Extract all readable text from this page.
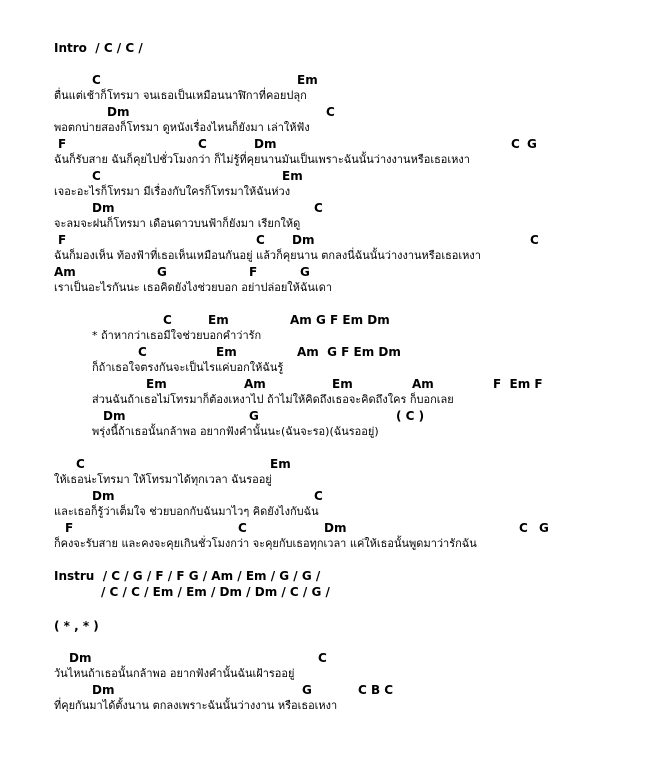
Intro  / C / C /
C	Em
ตื่นแต่เช้าก็โทรมา จนเธอเป็นเหมือนนาฬิกาที่คอยปลุก
Dm	C
พอตกบ่ายสองก็โทรมา ดูหนังเรื่องไหนก็ยังมา เล่าให้ฟัง
F	C	Dm	C G
ฉันก็รับสาย ฉันก็คุยไปชั่วโมงกว่า ก็ไม่รู้ที่คุยนานมันเป็นเพราะฉันนั้นว่างงานหรือเธอเหงา
C	Em
เจอะอะไรก็โทรมา มีเรื่องกับใครก็โทรมาให้ฉันห่วง
Dm	C
จะลมจะฝนก็โทรมา เดือนดาวบนฟ้าก็ยังมา เรียกให้ดู
F	C Dm	C
ฉันก็มองเห็น ท้องฟ้าที่เธอเห็นเหมือนกันอยู่ แล้วก็คุยนาน ตกลงนี่ฉันนั้นว่างงานหรือเธอเหงา
Am	G	F	G
เราเป็นอะไรกันนะ เธอคิดยังไงช่วยบอก อย่าปล่อยให้ฉันเดา
C	Em	Am G F Em Dm
* ถ้าหากว่าเธอมีใจช่วยบอกคำว่ารัก
C	Em	Am  G F Em Dm
ก็ถ้าเธอใจตรงกันจะเป็นไรแค่บอกให้ฉันรู้
Em	Am	Em	Am	F  Em F
ส่วนฉันถ้าเธอไม่โทรมาก็ต้องเหงาไป ถ้าไม่ให้คิดถึงเธอจะคิดถึงใคร ก็บอกเลย
Dm	G	( C )
พรุ่งนี้ถ้าเธอนั้นกล้าพอ อยากฟังคำนั้นนะ(ฉันจะรอ)(ฉันรออยู่)
C	Em
ให้เธอน่ะโทรมา ให้โทรมาได้ทุกเวลา ฉันรออยู่
Dm	C
และเธอก็รู้ว่าเต็มใจ ช่วยบอกกับฉันมาไวๆ คิดยังไงกับฉัน
F	C	Dm	C G
ก็คงจะรับสาย และคงจะคุยเกินชั่วโมงกว่า จะคุยกับเธอทุกเวลา แค่ให้เธอนั้นพูดมาว่ารักฉัน
Instru  / C / G / F / F G / Am / Em / G / G /
/ C / C / Em / Em / Dm / Dm / C / G /
( * , * )
Dm	C
วันไหนถ้าเธอนั้นกล้าพอ อยากฟังคำนั้นฉันเฝ้ารออยู่
Dm	G	C B C
ที่คุยกันมาได้ตั้งนาน ตกลงเพราะฉันนั้นว่างงาน หรือเธอเหงา
